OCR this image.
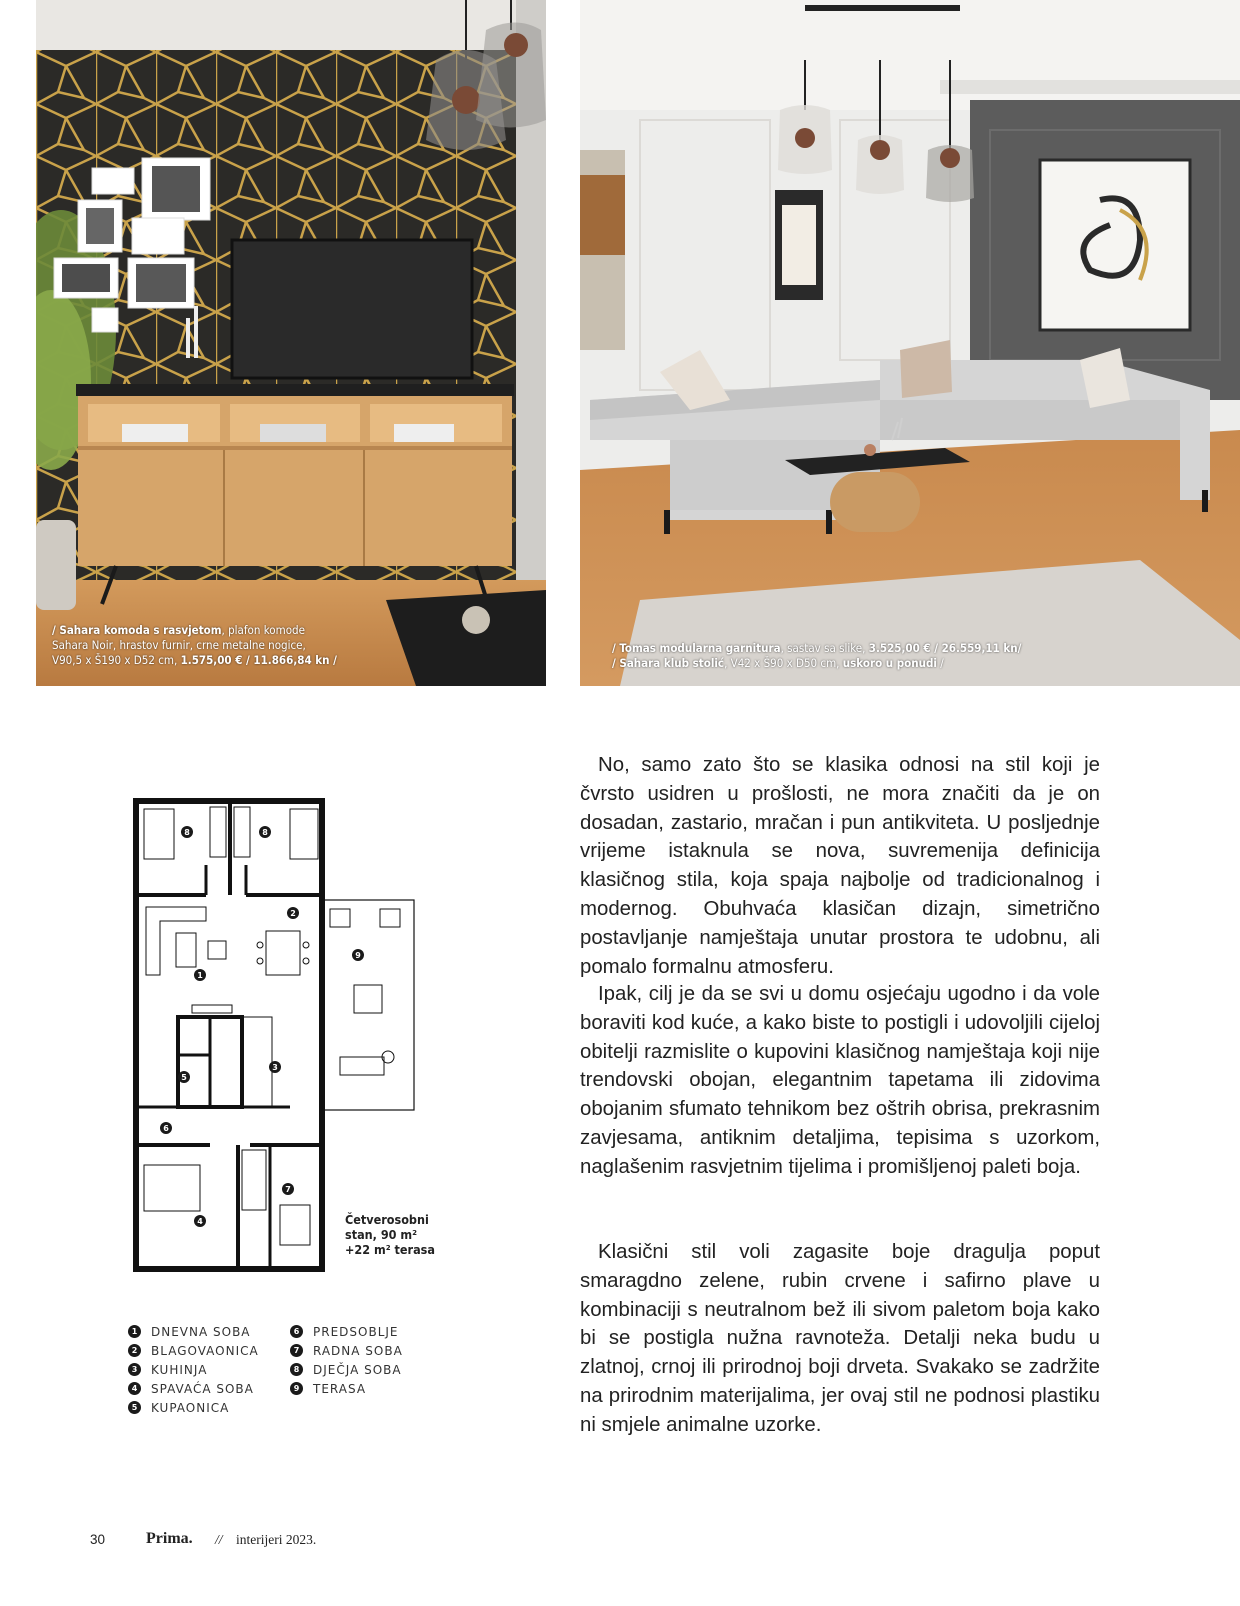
/ Sahara komoda s rasvjetom, plafon komode
Sahara Noir, hrastov furnir, crne metalne nogice,
V90,5 x Š190 x D52 cm, 1.575,00 € / 11.866,84 kn /
/ Tomas modularna garnitura, sastav sa slike, 3.525,00 € / 26.559,11 kn/
/ Sahara klub stolić, V42 x Š90 x D50 cm, uskoro u ponudi /
8	8
2
1
9
3
5
6
7
4	Četverosobni
stan, 90 m²
+22 m² terasa
1	DNEVNA SOBA
2	BLAGOVAONICA
3	KUHINJA
4	SPAVAĆA SOBA
5	KUPAONICA
6	PREDSOBLJE
7	RADNA SOBA
8	DJEČJA SOBA
9	TERASA

No, samo zato što se klasika odnosi na stil koji je čvrsto usidren u prošlosti, ne mora značiti da je on dosadan, zastario, mračan i pun antikviteta. U posljednje vrijeme istaknula se nova, suvremenija definicija klasičnog stila, koja spaja najbolje od tradicionalnog i modernog. Obuhvaća klasičan dizajn, simetrično postavljanje namještaja unutar prostora te udobnu, ali pomalo formalnu atmosferu.

Ipak, cilj je da se svi u domu osjećaju ugodno i da vole boraviti kod kuće, a kako biste to postigli i udovoljili cijeloj obitelji razmislite o kupovini klasičnog namještaja koji nije trendovski obojan, elegantnim tapetama ili zidovima obojanim sfumato tehnikom bez oštrih obrisa, prekrasnim zavjesama, antiknim detaljima, tepisima s uzorkom, naglašenim rasvjetnim tijelima i promišljenoj paleti boja.

Klasični stil voli zagasite boje dragulja poput smaragdno zelene, rubin crvene i safirno plave u kombinaciji s neutralnom bež ili sivom paletom boja kako bi se postigla nužna ravnoteža. Detalji neka budu u zlatnoj, crnoj ili prirodnoj boji drveta. Svakako se zadržite na prirodnim materijalima, jer ovaj stil ne podnosi plastiku ni smjele animalne uzorke.

30	Prima. // interijeri 2023.
